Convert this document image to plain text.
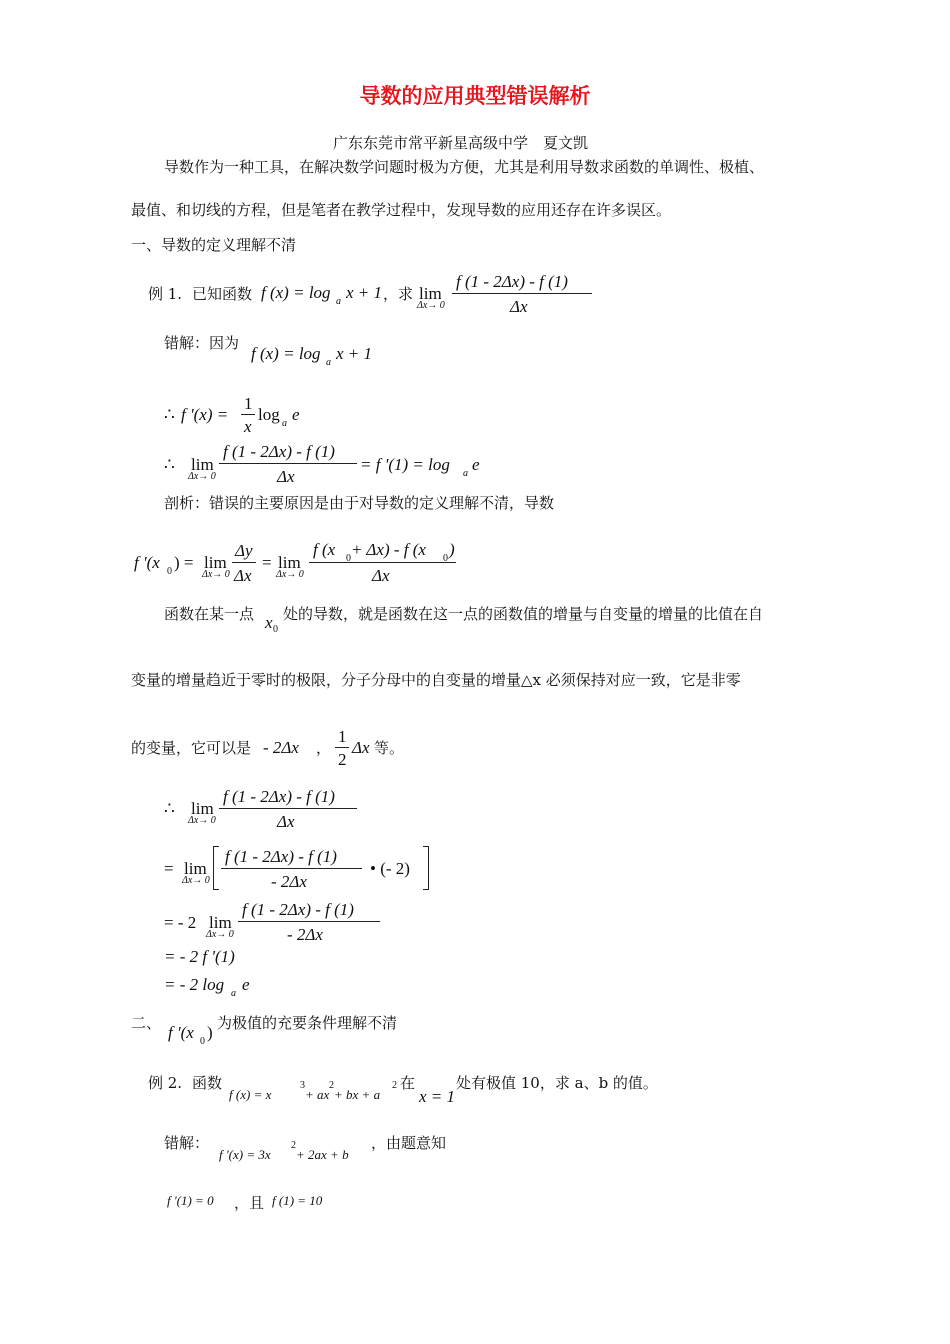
导数的应用典型错误解析
广东东莞市常平新星高级中学　夏文凯
导数作为一种工具，在解决数学问题时极为方便，尤其是利用导数求函数的单调性、极植、
最值、和切线的方程，但是笔者在教学过程中，发现导数的应用还存在许多误区。
一、导数的定义理解不清
例 1. 已知函数 f (x) = log a x + 1 ，求 lim
Δx→ 0
f (1 - 2Δx) - f (1)
Δx
错解：因为
f (x) = log a x + 1
∴ f '(x) =
1
x
log a e
∴ lim
Δx→ 0
f (1 - 2Δx) - f (1)
Δx
= f '(1) = log a e
剖析：错误的主要原因是由于对导数的定义理解不清，导数
f '(x 0 ) = lim
Δx→ 0
Δy
Δx
= lim
Δx→ 0
f (x 0 + Δx) - f (x 0 )
Δx
函数在某一点 x 0
处的导数，就是函数在这一点的函数值的增量与自变量的增量的比值在自
变量的增量趋近于零时的极限，分子分母中的自变量的增量△x 必须保持对应一致，它是非零
的变量，它可以是 - 2Δx ，
1
2
Δx 等。
∴ lim
Δx→ 0
f (1 - 2Δx) - f (1)
Δx
= lim
Δx→ 0
f (1 - 2Δx) - f (1)
- 2Δx
• (- 2)
= - 2 lim
Δx→ 0
f (1 - 2Δx) - f (1)
- 2Δx
= - 2 f '(1)
= - 2 log a e
二、 f '(x 0 ) 为极值的充要条件理解不清
例 2. 函数
f (x) = x
3
+ ax
2
+ bx + a
2 在
x = 1
处有极值 10，求 a、b 的值。
错解：
f '(x) = 3x
2
+ 2ax + b
，由题意知
f '(1) = 0 ，且 f (1) = 10
